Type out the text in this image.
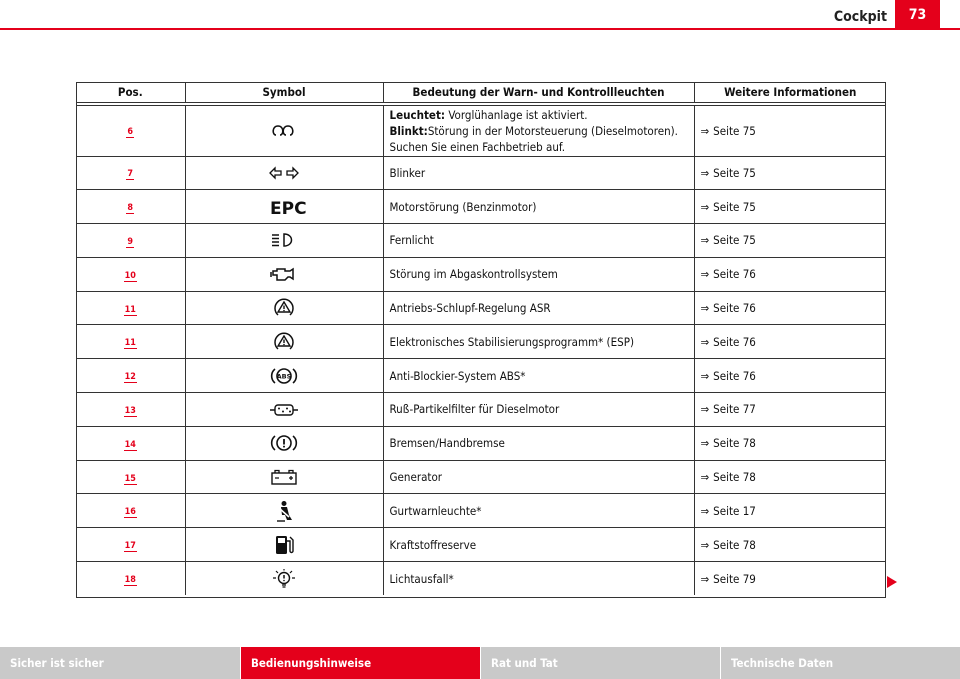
Cockpit	73
Pos.	Symbol	Bedeutung der Warn- und Kontrollleuchten	Weitere Informationen
6		Leuchtet: Vorglühanlage ist aktiviert.
Blinkt:Störung in der Motorsteuerung (Dieselmotoren).
Suchen Sie einen Fachbetrieb auf.	⇒ Seite 75
7		Blinker	⇒ Seite 75
8	EPC	Motorstörung (Benzinmotor)	⇒ Seite 75
9		Fernlicht	⇒ Seite 75
10		Störung im Abgaskontrollsystem	⇒ Seite 76
11		Antriebs-Schlupf-Regelung ASR	⇒ Seite 76
11		Elektronisches Stabilisierungsprogramm* (ESP)	⇒ Seite 76
12	ABS	Anti-Blockier-System ABS*	⇒ Seite 76
13		Ruß-Partikelfilter für Dieselmotor	⇒ Seite 77
14		Bremsen/Handbremse	⇒ Seite 78
15		Generator	⇒ Seite 78
16		Gurtwarnleuchte*	⇒ Seite 17
17		Kraftstoffreserve	⇒ Seite 78
18		Lichtausfall*	⇒ Seite 79
Sicher ist sicher	Bedienungshinweise	Rat und Tat	Technische Daten
